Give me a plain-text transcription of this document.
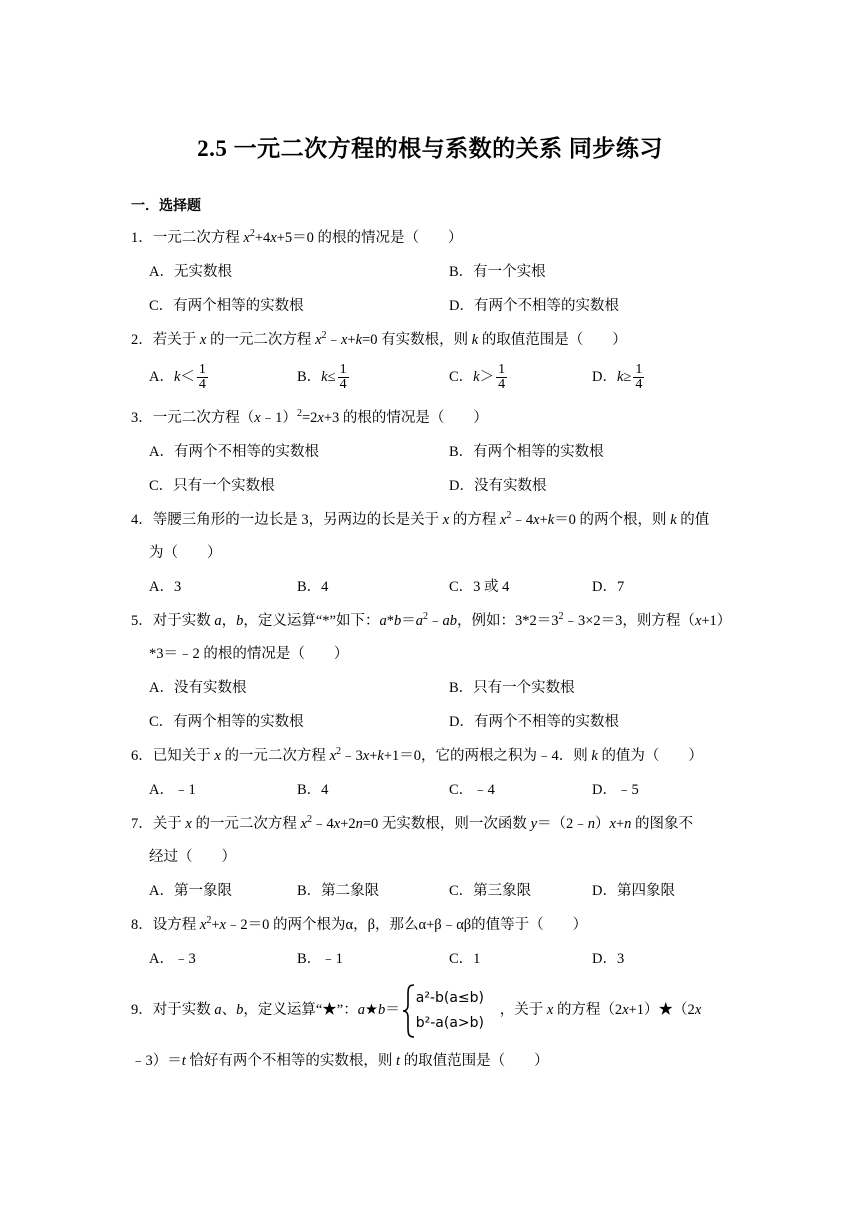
2.5 一元二次方程的根与系数的关系 同步练习
一．选择题
1．一元二次方程 $x^2+4x+5=0$ 的根的情况是（　　）
A．无实数根	B．有一个实根
C．有两个相等的实数根	D．有两个不相等的实数根
2．若关于 x 的一元二次方程 $x^2﹣x+k=0$ 有实数根，则 k 的取值范围是（　　）
A．$k< \frac{1}{4}$	B．$k\le \frac{1}{4}$	C．$k> \frac{1}{4}$	D．$k\ge \frac{1}{4}$
3．一元二次方程（x﹣1）$^2$=2x+3 的根的情况是（　　）
A．有两个不相等的实数根	B．有两个相等的实数根
C．只有一个实数根	D．没有实数根
4．等腰三角形的一边长是 3，另两边的长是关于 x 的方程 $x^2﹣4x+k=0$ 的两个根，则 k 的值
为（　　）
A．3	B．4	C．3 或 4	D．7
5．对于实数 a，b，定义运算“*”如下：$a*b=a^2﹣ab$，例如：$3*2=3^2﹣3\times 2=3$，则方程（x+1）
*3＝﹣2 的根的情况是（　　）
A．没有实数根	B．只有一个实数根
C．有两个相等的实数根	D．有两个不相等的实数根
6．已知关于 x 的一元二次方程 $x^2﹣3x+k+1=0$，它的两根之积为﹣4．则 k 的值为（　　）
A．﹣1	B．4	C．﹣4	D．﹣5
7．关于 x 的一元二次方程 $x^2﹣4x+2n=0$ 无实数根，则一次函数 y＝（2﹣n）x+n 的图象不
经过（　　）
A．第一象限	B．第二象限	C．第三象限	D．第四象限
8．设方程 $x^2+x﹣2=0$ 的两个根为α，β，那么α+β﹣αβ的值等于（　　）
A．﹣3	B．﹣1	C．1	D．3
9．对于实数 a、b，定义运算“★”：a★b＝
a²-b(a≤b)
b²-a(a>b)
，关于 x 的方程（2x+1）★（2x
﹣3）＝t 恰好有两个不相等的实数根，则 t 的取值范围是（　　）
